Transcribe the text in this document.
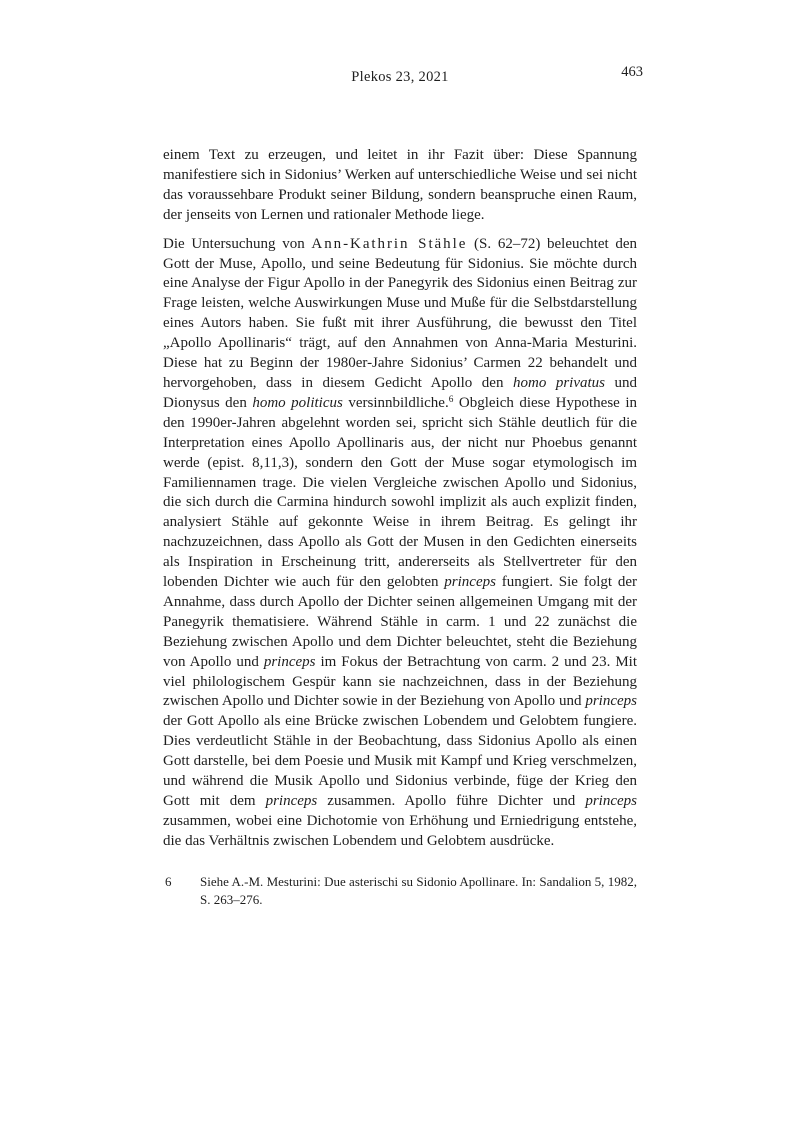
Plekos 23, 2021	463

einem Text zu erzeugen, und leitet in ihr Fazit über: Diese Spannung manifestiere sich in Sidonius’ Werken auf unterschiedliche Weise und sei nicht das voraussehbare Produkt seiner Bildung, sondern beanspruche einen Raum, der jenseits von Lernen und rationaler Methode liege.

Die Untersuchung von Ann-Kathrin Stähle (S. 62–72) beleuchtet den Gott der Muse, Apollo, und seine Bedeutung für Sidonius. Sie möchte durch eine Analyse der Figur Apollo in der Panegyrik des Sidonius einen Beitrag zur Frage leisten, welche Auswirkungen Muse und Muße für die Selbstdarstellung eines Autors haben. Sie fußt mit ihrer Ausführung, die bewusst den Titel „Apollo Apollinaris“ trägt, auf den Annahmen von Anna-Maria Mesturini. Diese hat zu Beginn der 1980er-Jahre Sidonius’ Carmen 22 behandelt und hervorgehoben, dass in diesem Gedicht Apollo den homo privatus und Dionysus den homo politicus versinnbildliche.$^6$ Obgleich diese Hypothese in den 1990er-Jahren abgelehnt worden sei, spricht sich Stähle deutlich für die Interpretation eines Apollo Apollinaris aus, der nicht nur Phoebus genannt werde (epist. 8,11,3), sondern den Gott der Muse sogar etymologisch im Familiennamen trage. Die vielen Vergleiche zwischen Apollo und Sidonius, die sich durch die Carmina hindurch sowohl implizit als auch explizit finden, analysiert Stähle auf gekonnte Weise in ihrem Beitrag. Es gelingt ihr nachzuzeichnen, dass Apollo als Gott der Musen in den Gedichten einerseits als Inspiration in Erscheinung tritt, andererseits als Stellvertreter für den lobenden Dichter wie auch für den gelobten princeps fungiert. Sie folgt der Annahme, dass durch Apollo der Dichter seinen allgemeinen Umgang mit der Panegyrik thematisiere. Während Stähle in carm. 1 und 22 zunächst die Beziehung zwischen Apollo und dem Dichter beleuchtet, steht die Beziehung von Apollo und princeps im Fokus der Betrachtung von carm. 2 und 23. Mit viel philologischem Gespür kann sie nachzeichnen, dass in der Beziehung zwischen Apollo und Dichter sowie in der Beziehung von Apollo und princeps der Gott Apollo als eine Brücke zwischen Lobendem und Gelobtem fungiere. Dies verdeutlicht Stähle in der Beobachtung, dass Sidonius Apollo als einen Gott darstelle, bei dem Poesie und Musik mit Kampf und Krieg verschmelzen, und während die Musik Apollo und Sidonius verbinde, füge der Krieg den Gott mit dem princeps zusammen. Apollo führe Dichter und princeps zusammen, wobei eine Dichotomie von Erhöhung und Erniedrigung entstehe, die das Verhältnis zwischen Lobendem und Gelobtem ausdrücke.

6 Siehe A.-M. Mesturini: Due asterischi su Sidonio Apollinare. In: Sandalion 5, 1982, S. 263–276.
